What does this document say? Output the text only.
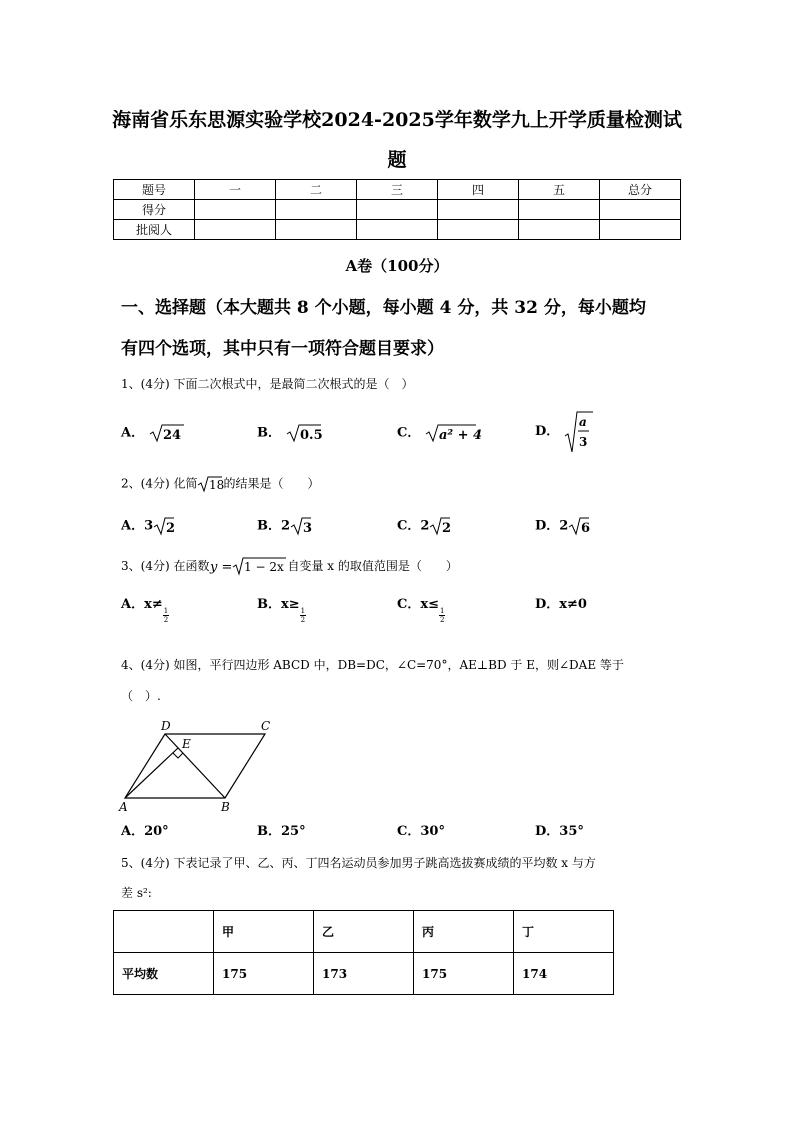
海南省乐东思源实验学校2024-2025学年数学九上开学质量检测试
题
题号	一	二	三	四	五	总分
得分						
批阅人						
A卷（100分）
一、选择题（本大题共 8 个小题，每小题 4 分，共 32 分，每小题均
有四个选项，其中只有一项符合题目要求）
1、(4分) 下面二次根式中，是最简二次根式的是（　）
A． 24	B． 0.5	C． a² + 4	D．
a
3
2、(4分) 化简 18
的结果是（　　）
A．3 2	B．2 3	C．2 2	D．2 6
3、(4分) 在函数 y = 1 − 2x 自变量 x 的取值范围是（　　）
A．x≠
$\frac{1}{2}$
B．x≥
$\frac{1}{2}$
C．x≤
$\frac{1}{2}$
D．x≠0
4、(4分) 如图，平行四边形 ABCD 中，DB=DC，∠C=70°，AE⊥BD 于 E，则∠DAE 等于
（　）.
D	C
E
A	B
A．20°	B．25°	C．30°	D．35°
5、(4分) 下表记录了甲、乙、丙、丁四名运动员参加男子跳高选拔赛成绩的平均数 x 与方
差 s²:
	甲	乙	丙	丁
平均数	175	173	175	174
